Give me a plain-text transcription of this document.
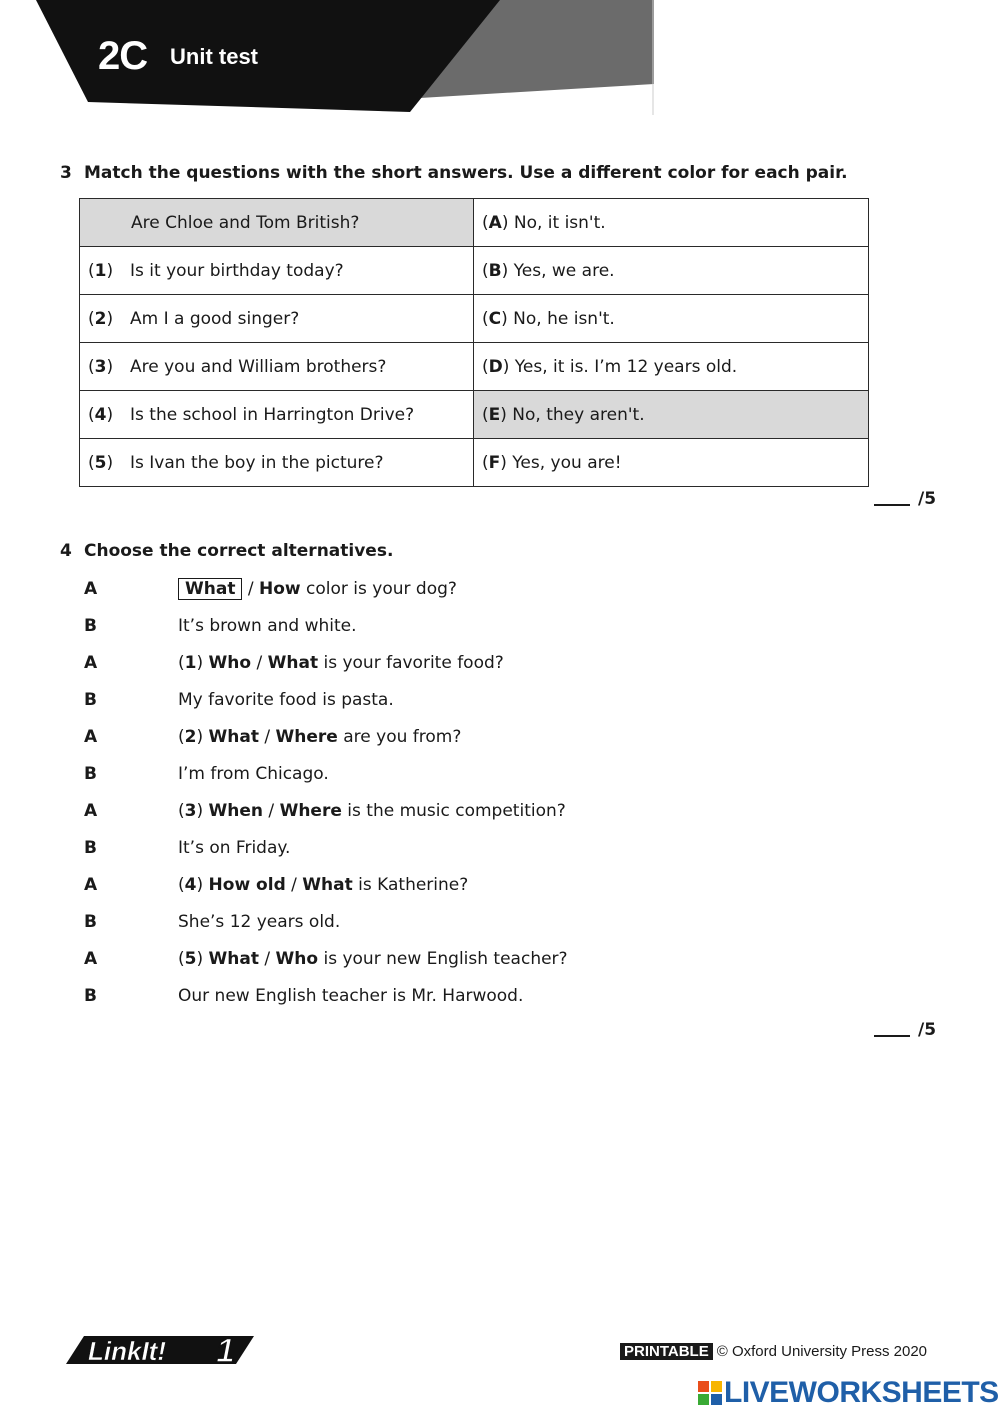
2C Unit test
3 Match the questions with the short answers. Use a different color for each pair.
Are Chloe and Tom British?	(A) No, it isn't.
(1) Is it your birthday today?	(B) Yes, we are.
(2) Am I a good singer?	(C) No, he isn't.
(3) Are you and William brothers?	(D) Yes, it is. I’m 12 years old.
(4) Is the school in Harrington Drive?	(E) No, they aren't.
(5) Is Ivan the boy in the picture?	(F) Yes, you are!
/5
4 Choose the correct alternatives.
A	What / How color is your dog?
B	It’s brown and white.
A	(1) Who / What is your favorite food?
B	My favorite food is pasta.
A	(2) What / Where are you from?
B	I’m from Chicago.
A	(3) When / Where is the music competition?
B	It’s on Friday.
A	(4) How old / What is Katherine?
B	She’s 12 years old.
A	(5) What / Who is your new English teacher?
B	Our new English teacher is Mr. Harwood.
/5
LinkIt! 1	PRINTABLE © Oxford University Press 2020
LIVEWORKSHEETS
